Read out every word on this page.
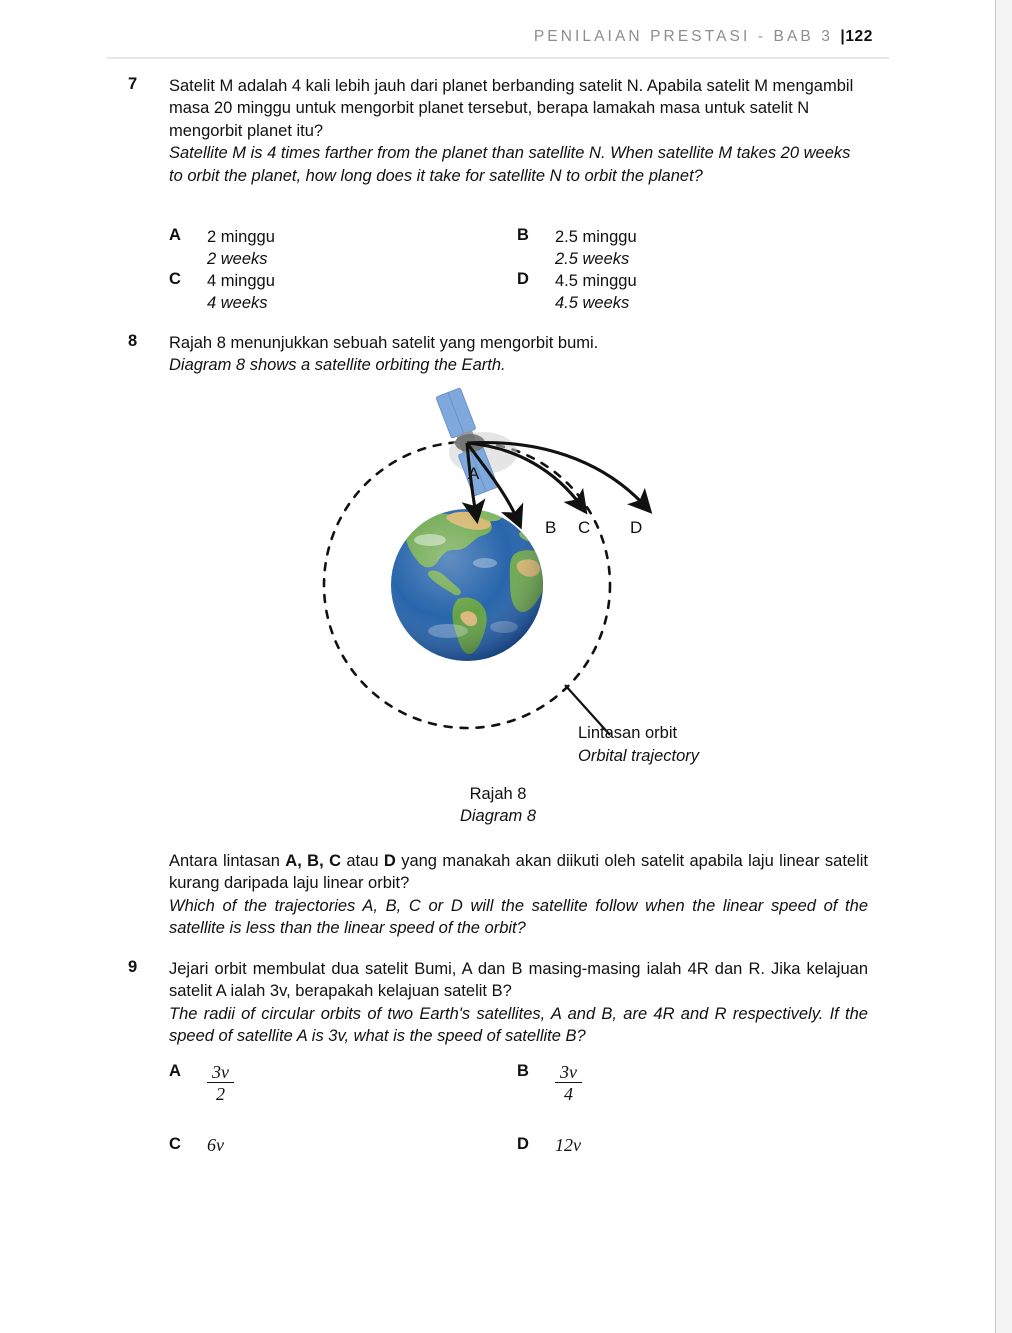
PENILAIAN PRESTASI - BAB 3 |122
7	Satelit M adalah 4 kali lebih jauh dari planet berbanding satelit N. Apabila satelit M mengambil masa 20 minggu untuk mengorbit planet tersebut, berapa lamakah masa untuk satelit N mengorbit planet itu?
Satellite M is 4 times farther from the planet than satellite N. When satellite M takes 20 weeks to orbit the planet, how long does it take for satellite N to orbit the planet?
A	2 minggu
2 weeks
B	2.5 minggu
2.5 weeks
C	4 minggu
4 weeks
D	4.5 minggu
4.5 weeks
8	Rajah 8 menunjukkan sebuah satelit yang mengorbit bumi.
Diagram 8 shows a satellite orbiting the Earth.
A
B C D
Lintasan orbit
Orbital trajectory
Rajah 8
Diagram 8
Antara lintasan A, B, C atau D yang manakah akan diikuti oleh satelit apabila laju linear satelit kurang daripada laju linear orbit?
Which of the trajectories A, B, C or D will the satellite follow when the linear speed of the satellite is less than the linear speed of the orbit?
9	Jejari orbit membulat dua satelit Bumi, A dan B masing-masing ialah 4R dan R. Jika kelajuan satelit A ialah 3v, berapakah kelajuan satelit B?
The radii of circular orbits of two Earth's satellites, A and B, are 4R and R respectively. If the speed of satellite A is 3v, what is the speed of satellite B?
A	$\frac{3v}{2}$	B	$\frac{3v}{4}$
C	6v	D	12v
